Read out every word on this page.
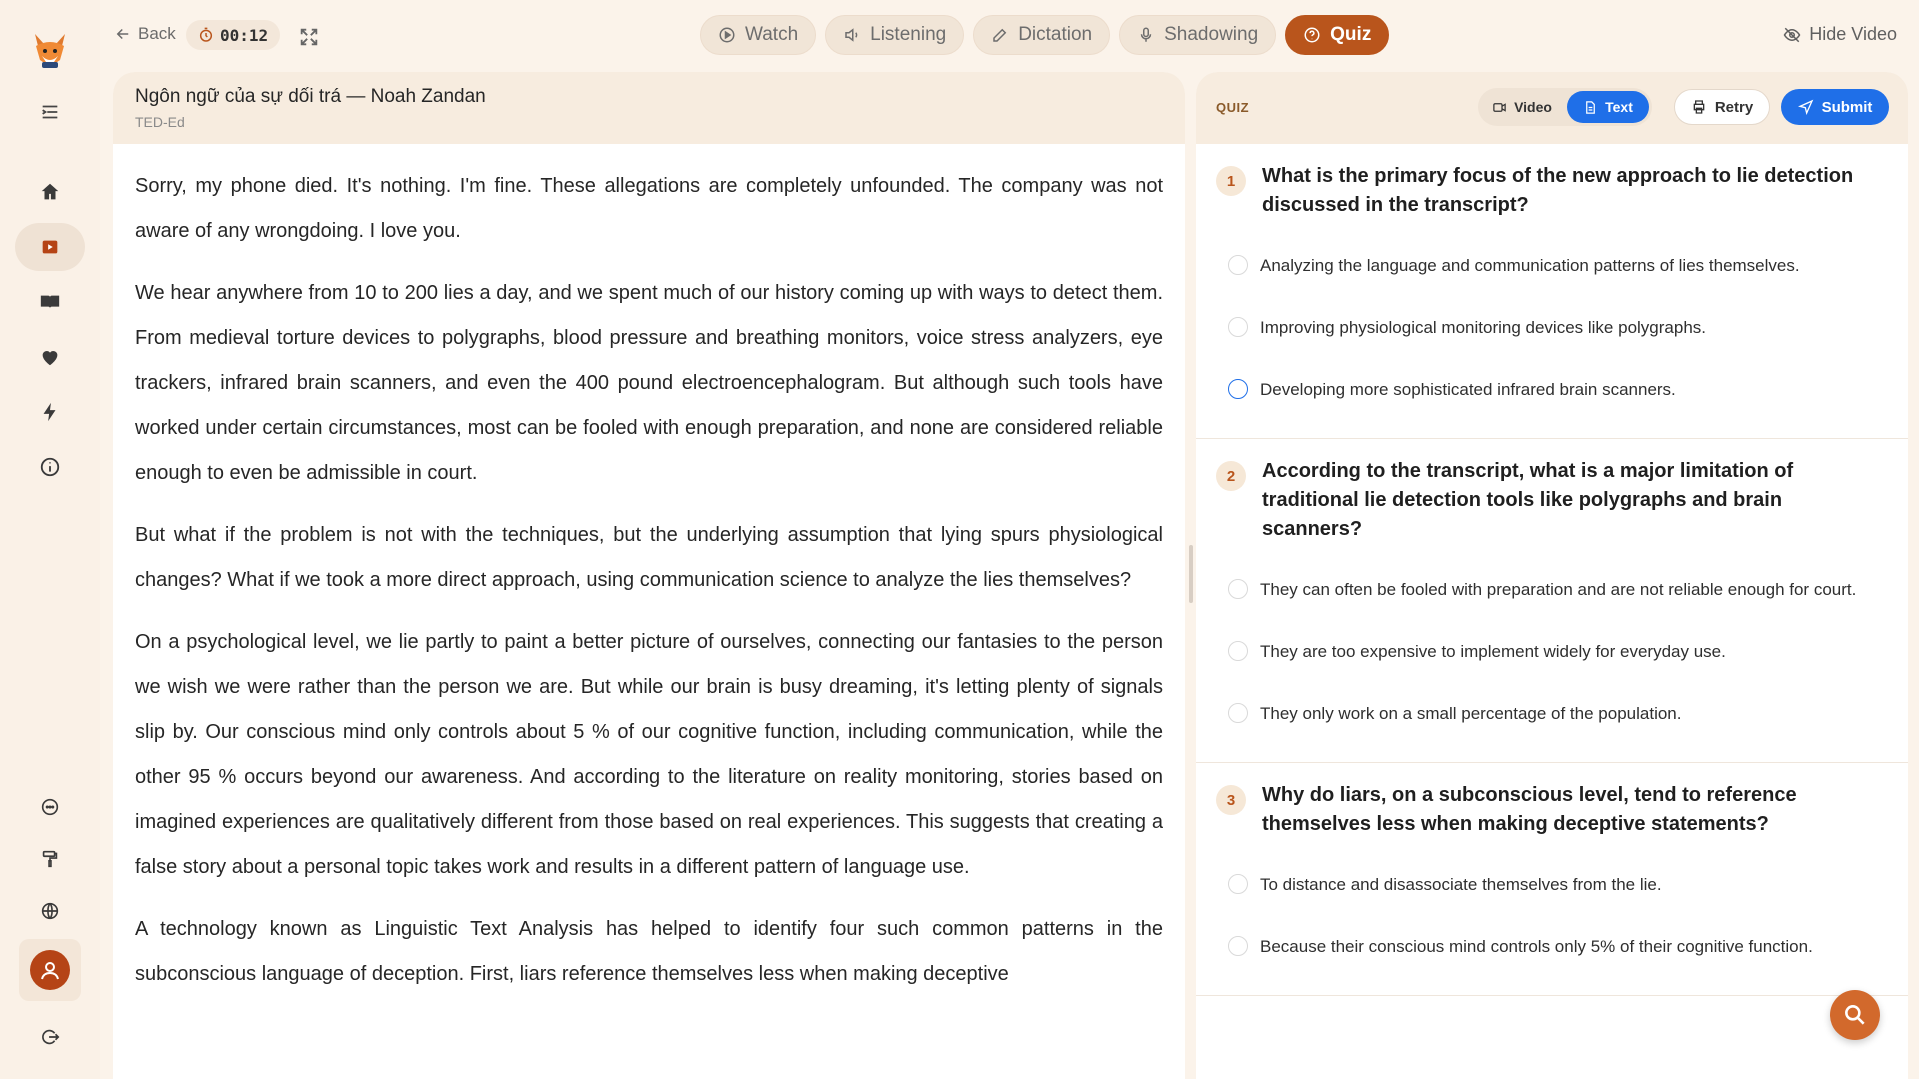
Back	00:12	Watch	Listening	Dictation	Shadowing	Quiz	Hide Video
Ngôn ngữ của sự dối trá — Noah Zandan
TED-Ed

Sorry, my phone died. It's nothing. I'm fine. These allegations are completely unfounded. The company was not aware of any wrongdoing. I love you.

We hear anywhere from 10 to 200 lies a day, and we spent much of our history coming up with ways to detect them. From medieval torture devices to polygraphs, blood pressure and breathing monitors, voice stress analyzers, eye trackers, infrared brain scanners, and even the 400 pound electroencephalogram. But although such tools have worked under certain circumstances, most can be fooled with enough preparation, and none are considered reliable enough to even be admissible in court.

But what if the problem is not with the techniques, but the underlying assumption that lying spurs physiological changes? What if we took a more direct approach, using communication science to analyze the lies themselves?

On a psychological level, we lie partly to paint a better picture of ourselves, connecting our fantasies to the person we wish we were rather than the person we are. But while our brain is busy dreaming, it's letting plenty of signals slip by. Our conscious mind only controls about 5 % of our cognitive function, including communication, while the other 95 % occurs beyond our awareness. And according to the literature on reality monitoring, stories based on imagined experiences are qualitatively different from those based on real experiences. This suggests that creating a false story about a personal topic takes work and results in a different pattern of language use.

A technology known as Linguistic Text Analysis has helped to identify four such common patterns in the subconscious language of deception. First, liars reference themselves less when making deceptive

QUIZ	Video	Text	Retry	Submit
1	What is the primary focus of the new approach to lie detection discussed in the transcript?
Analyzing the language and communication patterns of lies themselves.
Improving physiological monitoring devices like polygraphs.
Developing more sophisticated infrared brain scanners.
2	According to the transcript, what is a major limitation of traditional lie detection tools like polygraphs and brain scanners?
They can often be fooled with preparation and are not reliable enough for court.
They are too expensive to implement widely for everyday use.
They only work on a small percentage of the population.
3	Why do liars, on a subconscious level, tend to reference themselves less when making deceptive statements?
To distance and disassociate themselves from the lie.
Because their conscious mind controls only 5% of their cognitive function.
